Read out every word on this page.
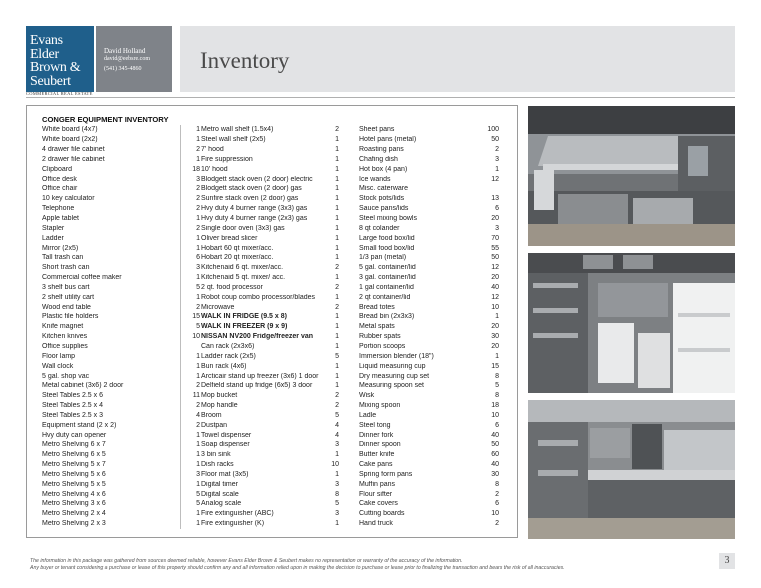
Evans
Elder
Brown &
Seubert
COMMERCIAL REAL ESTATE
David Holland
david@eebsre.com
(541) 345-4860	Inventory
CONGER EQUIPMENT INVENTORY
White board (4x7)	1
White board (2x2)	1
4 drawer file cabinet	2
2 drawer file cabinet	1
Clipboard	18
Office desk	3
Office chair	2
10 key calculator	2
Telephone	2
Apple tablet	1
Stapler	2
Ladder	1
Mirror (2x5)	1
Tall trash can	6
Short trash can	3
Commercial coffee maker	1
3 shelf bus cart	5
2 shelf utility cart	1
Wood end table	2
Plastic file holders	15
Knife magnet	5
Kitchen knives	10
Office supplies
Floor lamp	1
Wall clock	1
5 gal. shop vac	1
Metal cabinet (3x6) 2 door	2
Steel Tables 2.5 x 6	11
Steel Tables 2.5 x 4	2
Steel Tables 2.5 x 3	4
Equipment stand (2 x 2)	2
Hvy duty can opener	1
Metro Shelving 6 x 7	1
Metro Shelving 6 x 5	1
Metro Shelving 5 x 7	1
Metro Shelving 5 x 6	3
Metro Shelving 5 x 5	1
Metro Shelving 4 x 6	5
Metro Shelving 3 x 6	5
Metro Shelving 2 x 4	1
Metro Shelving 2 x 3	1
Metro wall shelf (1.5x4)	2
Steel wall shelf (2x5)	1
7' hood	1
Fire suppression	1
10' hood	1
Blodgett stack oven (2 door) electric	1
Blodgett stack oven (2 door) gas	1
Sunfire stack oven (2 door) gas	1
Hvy duty 4 burner range (3x3) gas	1
Hvy duty 4 burner range (2x3) gas	1
Single door oven (3x3) gas	1
Oliver bread slicer	1
Hobart 60 qt mixer/acc.	1
Hobart 20 qt mixer/acc.	1
Kitchenaid 6 qt. mixer/acc.	2
Kitchenaid 5 qt. mixer/ acc.	1
2 qt. food processor	2
Robot coup combo processor/blades	1
Microwave	2
WALK IN FRIDGE (9.5 x 8)	1
WALK IN FREEZER (9 x 9)	1
NISSAN NV200 Fridge/freezer van	1
Can rack (2x3x6)	1
Ladder rack (2x5)	5
Bun rack (4x6)	1
Arcticair stand up freezer (3x6) 1 door	1
Delfield stand up fridge (6x5) 3 door	1
Mop bucket	2
Mop handle	2
Broom	5
Dustpan	4
Towel dispenser	4
Soap dispenser	3
3 bin sink	1
Dish racks	10
Floor mat (3x5)	1
Digital timer	3
Digital scale	8
Analog scale	5
Fire extinguisher (ABC)	3
Fire extinguisher (K)	1
Sheet pans	100
Hotel pans (metal)	50
Roasting pans	2
Chafing dish	3
Hot box (4 pan)	1
Ice wands	12
Misc. caterware
Stock pots/lids	13
Sauce pans/lids	6
Steel mixing bowls	20
8 qt colander	3
Large food box/lid	70
Small food box/lid	55
1/3 pan (metal)	50
5 gal. container/lid	12
3 gal. container/lid	20
1 gal container/lid	40
2 qt container/lid	12
Bread totes	10
Bread bin (2x3x3)	1
Metal spats	20
Rubber spats	30
Portion scoops	20
Immersion blender (18")	1
Liquid measuring cup	15
Dry measuring cup set	8
Measuring spoon set	5
Wisk	8
Mixing spoon	18
Ladle	10
Steel tong	6
Dinner fork	40
Dinner spoon	50
Butter knife	60
Cake pans	40
Spring form pans	30
Muffin pans	8
Flour sifter	2
Cake covers	6
Cutting boards	10
Hand truck	2
The information in this package was gathered from sources deemed reliable, however Evans Elder Brown & Seubert makes no representation or warranty of the accuracy of the information.
Any buyer or tenant considering a purchase or lease of this property should confirm any and all information relied upon in making the decision to purchase or lease prior to finalizing the transaction and bears the risk of all inaccuracies.
3
